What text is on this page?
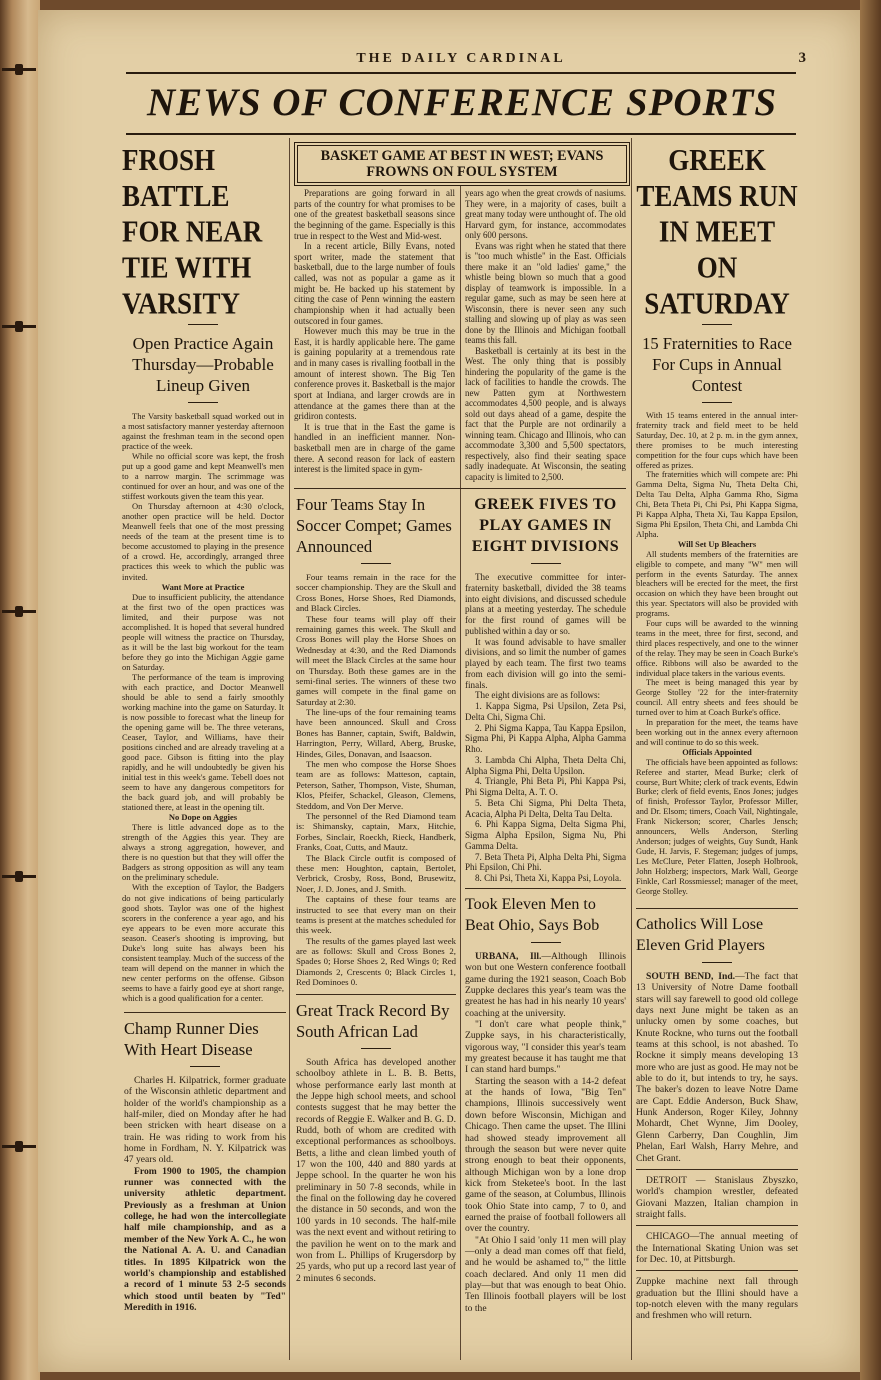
THE DAILY CARDINAL	3
NEWS OF CONFERENCE SPORTS
FROSH BATTLE FOR NEAR TIE WITH VARSITY
Open Practice Again Thursday—Probable Lineup Given

The Varsity basketball squad worked out in a most satisfactory manner yesterday afternoon against the freshman team in the second open practice of the week.

While no official score was kept, the frosh put up a good game and kept Meanwell's men to a narrow margin. The scrimmage was continued for over an hour, and was one of the stiffest workouts given the team this year.

On Thursday afternoon at 4:30 o'clock, another open practice will be held. Doctor Meanwell feels that one of the most pressing needs of the team at the present time is to become accustomed to playing in the presence of a crowd. He, accordingly, arranged three practices this week to which the public was invited.

Want More at Practice

Due to insufficient publicity, the attendance at the first two of the open practices was limited, and their purpose was not accomplished. It is hoped that several hundred people will witness the practice on Thursday, as it will be the last big workout for the team before they go into the Michigan Aggie game on Saturday.

The performance of the team is improving with each practice, and Doctor Meanwell should be able to send a fairly smoothly working machine into the game on Saturday. It is now possible to forecast what the lineup for the opening game will be. The three veterans, Ceaser, Taylor, and Williams, have their positions cinched and are already traveling at a good pace. Gibson is fitting into the play rapidly, and he will undoubtedly be given his initial test in this week's game. Tebell does not seem to have any dangerous competitors for the back guard job, and will probably be stationed there, at least in the opening tilt.

No Dope on Aggies

There is little advanced dope as to the strength of the Aggies this year. They are always a strong aggregation, however, and there is no question but that they will offer the Badgers as strong opposition as will any team on the preliminary schedule.

With the exception of Taylor, the Badgers do not give indications of being particularly good shots. Taylor was one of the highest scorers in the conference a year ago, and his eye appears to be even more accurate this season. Ceaser's shooting is improving, but Duke's long suite has always been his consistent teamplay. Much of the success of the team will depend on the manner in which the new center performs on the offense. Gibson seems to have a fairly good eye at short range, which is a good qualification for a center.

Champ Runner Dies With Heart Disease

Charles H. Kilpatrick, former graduate of the Wisconsin athletic department and holder of the world's championship as a half-miler, died on Monday after he had been stricken with heart disease on a train. He was riding to work from his home in Fordham, N. Y. Kilpatrick was 47 years old.

From 1900 to 1905, the champion runner was connected with the university athletic department. Previously as a freshman at Union college, he had won the intercollegiate half mile championship, and as a member of the New York A. C., he won the National A. A. U. and Canadian titles. In 1895 Kilpatrick won the world's championship and established a record of 1 minute 53 2-5 seconds which stood until beaten by "Ted" Meredith in 1916.

BASKET GAME AT BEST IN WEST; EVANS FROWNS ON FOUL SYSTEM

Preparations are going forward in all parts of the country for what promises to be one of the greatest basketball seasons since the beginning of the game. Especially is this true in respect to the West and Mid-west.

In a recent article, Billy Evans, noted sport writer, made the statement that basketball, due to the large number of fouls called, was not as popular a game as it might be. He backed up his statement by citing the case of Penn winning the eastern championship when it had actually been outscored in four games.

However much this may be true in the East, it is hardly applicable here. The game is gaining popularity at a tremendous rate and in many cases is rivalling football in the amount of interest shown. The Big Ten conference proves it. Basketball is the major sport at Indiana, and larger crowds are in attendance at the games there than at the gridiron contests.

It is true that in the East the game is handled in an inefficient manner. Non-basketball men are in charge of the game there. A second reason for lack of eastern interest is the limited space in gym-

years ago when the great crowds of nasiums. They were, in a majority of cases, built a great many today were unthought of. The old Harvard gym, for instance, accommodates only 600 persons.

Evans was right when he stated that there is "too much whistle" in the East. Officials there make it an "old ladies' game," the whistle being blown so much that a good display of teamwork is impossible. In a regular game, such as may be seen here at Wisconsin, there is never seen any such stalling and slowing up of play as was seen done by the Illinois and Michigan football teams this fall.

Basketball is certainly at its best in the West. The only thing that is possibly hindering the popularity of the game is the lack of facilities to handle the crowds. The new Patten gym at Northwestern accommodates 4,500 people, and is always sold out days ahead of a game, despite the fact that the Purple are not ordinarily a winning team. Chicago and Illinois, who can accommodate 3,300 and 5,500 spectators, respectively, also find their seating space sadly inadequate. At Wisconsin, the seating capacity is limited to 2,500.

Four Teams Stay In Soccer Compet; Games Announced

Four teams remain in the race for the soccer championship. They are the Skull and Cross Bones, Horse Shoes, Red Diamonds, and Black Circles.

These four teams will play off their remaining games this week. The Skull and Cross Bones will play the Horse Shoes on Wednesday at 4:30, and the Red Diamonds will meet the Black Circles at the same hour on Thursday. Both these games are in the semi-final series. The winners of these two games will compete in the final game on Saturday at 2:30.

The line-ups of the four remaining teams have been announced. Skull and Cross Bones has Banner, captain, Swift, Baldwin, Harrington, Perry, Willard, Aberg, Bruske, Hindes, Giles, Donavan, and Isaacson.

The men who compose the Horse Shoes team are as follows: Matteson, captain, Peterson, Sather, Thompson, Viste, Shuman, Klos, Pfeifer, Schackel, Gleason, Clemens, Steddom, and Von Der Merve.

The personnel of the Red Diamond team is: Shimansky, captain, Marx, Hitchie, Forbes, Sinclair, Roeckh, Rieck, Handberk, Franks, Coat, Cutts, and Mautz.

The Black Circle outfit is composed of these men: Houghton, captain, Bertolet, Verbrick, Crosby, Ross, Bond, Brusewitz, Noer, J. D. Jones, and J. Smith.

The captains of these four teams are instructed to see that every man on their teams is present at the matches scheduled for this week.

The results of the games played last week are as follows: Skull and Cross Bones 2, Spades 0; Horse Shoes 2, Red Wings 0; Red Diamonds 2, Crescents 0; Black Circles 1, Red Dominoes 0.

Great Track Record By South African Lad

South Africa has developed another schoolboy athlete in L. B. B. Betts, whose performance early last month at the Jeppe high school meets, and school contests suggest that he may better the records of Reggie E. Walker and B. G. D. Rudd, both of whom are credited with exceptional performances as schoolboys. Betts, a lithe and clean limbed youth of 17 won the 100, 440 and 880 yards at Jeppe school. In the quarter he won his preliminary in 50 7-8 seconds, while in the final on the following day he covered the distance in 50 seconds, and won the 100 yards in 10 seconds. The half-mile was the next event and without retiring to the pavilion he went on to the mark and won from L. Phillips of Krugersdorp by 25 yards, who put up a record last year of 2 minutes 6 seconds.

GREEK FIVES TO PLAY GAMES IN EIGHT DIVISIONS

The executive committee for inter-fraternity basketball, divided the 38 teams into eight divisions, and discussed schedule plans at a meeting yesterday. The schedule for the first round of games will be published within a day or so.

It was found advisable to have smaller divisions, and so limit the number of games played by each team. The first two teams from each division will go into the semi-finals.

The eight divisions are as follows:

1. Kappa Sigma, Psi Upsilon, Zeta Psi, Delta Chi, Sigma Chi.

2. Phi Sigma Kappa, Tau Kappa Epsilon, Sigma Phi, Pi Kappa Alpha, Alpha Gamma Rho.

3. Lambda Chi Alpha, Theta Delta Chi, Alpha Sigma Phi, Delta Upsilon.

4. Triangle, Phi Beta Pi, Phi Kappa Psi, Phi Sigma Delta, A. T. O.

5. Beta Chi Sigma, Phi Delta Theta, Acacia, Alpha Pi Delta, Delta Tau Delta.

6. Phi Kappa Sigma, Delta Sigma Phi, Sigma Alpha Epsilon, Sigma Nu, Phi Gamma Delta.

7. Beta Theta Pi, Alpha Delta Phi, Sigma Phi Epsilon, Chi Phi.

8. Chi Psi, Theta Xi, Kappa Psi, Loyola.

Took Eleven Men to Beat Ohio, Says Bob

URBANA, Ill.—Although Illinois won but one Western conference football game during the 1921 season, Coach Bob Zuppke declares this year's team was the greatest he has had in his nearly 10 years' coaching at the university.

"I don't care what people think," Zuppke says, in his characteristically, vigorous way, "I consider this year's team my greatest because it has taught me that I can stand hard bumps."

Starting the season with a 14-2 defeat at the hands of Iowa, "Big Ten" champions, Illinois successively went down before Wisconsin, Michigan and Chicago. Then came the upset. The Illini had showed steady improvement all through the season but were never quite strong enough to beat their opponents, although Michigan won by a lone drop kick from Steketee's boot. In the last game of the season, at Columbus, Illinois took Ohio State into camp, 7 to 0, and earned the praise of football followers all over the country.

"At Ohio I said 'only 11 men will play—only a dead man comes off that field, and he would be ashamed to,'" the little coach declared. And only 11 men did play—but that was enough to beat Ohio. Ten Illinois football players will be lost to the

GREEK TEAMS RUN IN MEET ON SATURDAY
15 Fraternities to Race For Cups in Annual Contest

With 15 teams entered in the annual inter-fraternity track and field meet to be held Saturday, Dec. 10, at 2 p. m. in the gym annex, there promises to be much interesting competition for the four cups which have been offered as prizes.

The fraternities which will compete are: Phi Gamma Delta, Sigma Nu, Theta Delta Chi, Delta Tau Delta, Alpha Gamma Rho, Sigma Chi, Beta Theta Pi, Chi Psi, Phi Kappa Sigma, Pi Kappa Alpha, Theta Xi, Tau Kappa Epsilon, Sigma Phi Epsilon, Theta Chi, and Lambda Chi Alpha.

Will Set Up Bleachers

All students members of the fraternities are eligible to compete, and many "W" men will perform in the events Saturday. The annex bleachers will be erected for the meet, the first occasion on which they have been brought out this year. Spectators will also be provided with programs.

Four cups will be awarded to the winning teams in the meet, three for first, second, and third places respectively, and one to the winner of the relay. They may be seen in Coach Burke's office. Ribbons will also be awarded to the individual place takers in the various events.

The meet is being managed this year by George Stolley '22 for the inter-fraternity council. All entry sheets and fees should be turned over to him at Coach Burke's office.

In preparation for the meet, the teams have been working out in the annex every afternoon and will continue to do so this week.

Officials Appointed

The officials have been appointed as follows: Referee and starter, Mead Burke; clerk of course, Burt White; clerk of track events, Edwin Burke; clerk of field events, Enos Jones; judges of finish, Professor Taylor, Professor Miller, and Dr. Elsom; timers, Coach Vail, Nightingale, Frank Nickerson; scorer, Charles Jensch; announcers, Wells Anderson, Sterling Anderson; judges of weights, Guy Sundt, Hank Gude, H. Jarvis, F. Stegeman; judges of jumps, Les McClure, Peter Flatten, Joseph Holbrook, John Holzberg; inspectors, Mark Wall, George Finkle, Carl Rossmiessel; manager of the meet, George Stolley.

Catholics Will Lose Eleven Grid Players

SOUTH BEND, Ind.—The fact that 13 University of Notre Dame football stars will say farewell to good old college days next June might be taken as an unlucky omen by some coaches, but Knute Rockne, who turns out the football teams at this school, is not abashed. To Rockne it simply means developing 13 more who are just as good. He may not be able to do it, but intends to try, he says. The baker's dozen to leave Notre Dame are Capt. Eddie Anderson, Buck Shaw, Hunk Anderson, Roger Kiley, Johnny Mohardt, Chet Wynne, Jim Dooley, Glenn Carberry, Dan Coughlin, Jim Phelan, Earl Walsh, Harry Mehre, and Chet Grant.

DETROIT — Stanislaus Zbyszko, world's champion wrestler, defeated Giovani Mazzen, Italian champion in straight falls.

CHICAGO—The annual meeting of the International Skating Union was set for Dec. 10, at Pittsburgh.

Zuppke machine next fall through graduation but the Illini should have a top-notch eleven with the many regulars and freshmen who will return.
